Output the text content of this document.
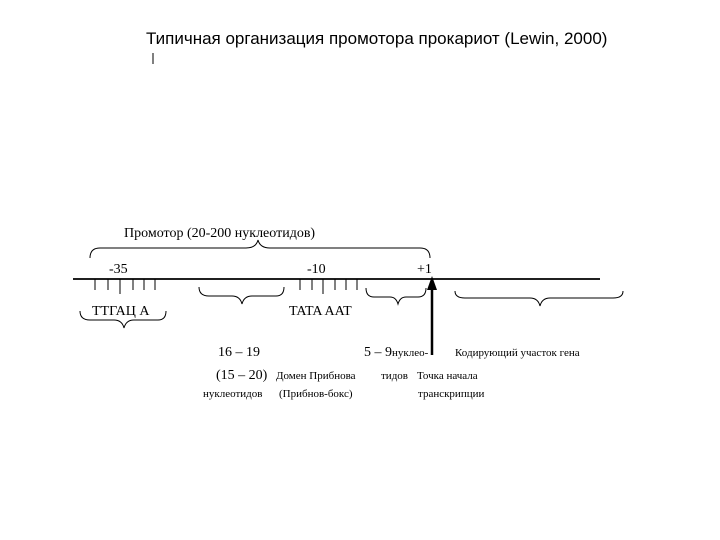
Типичная организация промотора прокариот (Lewin, 2000)
Промотор (20-200 нуклеотидов)
-35	-10	+1
TTГАЦ А	TATA AAT
16 – 19
(15 – 20)
нуклеотидов
Домен Прибнова
(Прибнов-бокс)
5 – 9 нуклео-
тидов Точка начала
транскрипции
Кодирующий участок гена
